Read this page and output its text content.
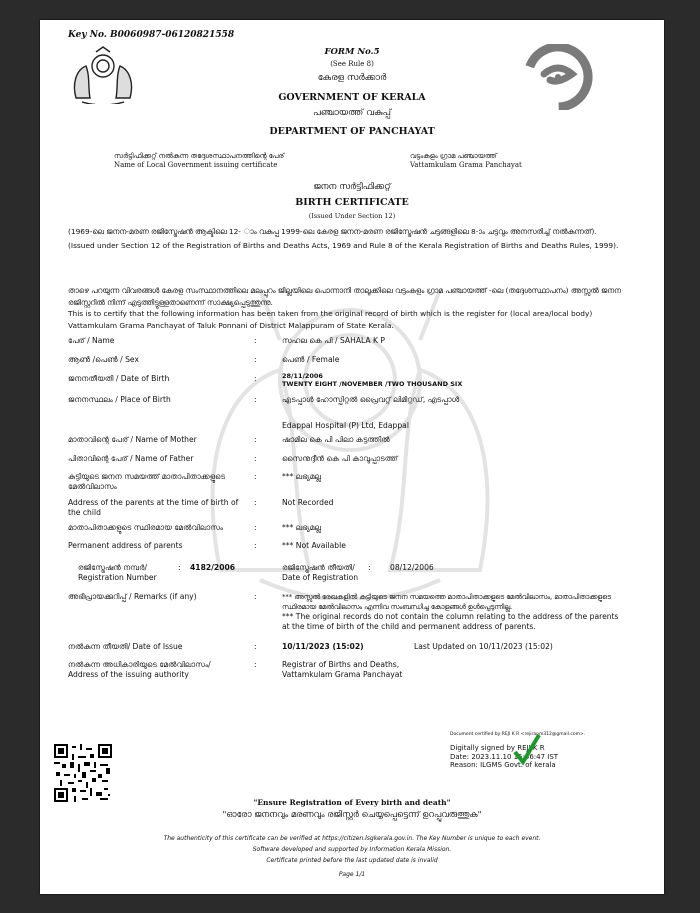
Key No. B0060987-06120821558
FORM No.5
(See Rule 8)
കേരള സർക്കാർ
GOVERNMENT OF KERALA
പഞ്ചായത്ത് വകുപ്പ്
DEPARTMENT OF PANCHAYAT
സർട്ടിഫിക്കറ്റ് നൽകുന്ന തദ്ദേശസ്ഥാപനത്തിന്റെ പേര്
Name of Local Government issuing certificate
വട്ടംകുളം ഗ്രാമ പഞ്ചായത്ത്
Vattamkulam Grama Panchayat
ജനന സർട്ടിഫിക്കറ്റ്
BIRTH CERTIFICATE
(Issued Under Section 12)
(1969-ലെ ജനന-മരണ രജിസ്ട്രേഷൻ ആക്ടിലെ 12- ാം വകുപ്പ 1999-ലെ കേരള ജനന-മരണ രജിസ്ട്രേഷൻ ചട്ടങ്ങളിലെ 8-ാം ചട്ടവും അനസരിച്ച് നൽകുന്നത്).
(Issued under Section 12 of the Registration of Births and Deaths Acts, 1969 and Rule 8 of the Kerala Registration of Births and Deaths Rules, 1999).
താഴെ പറയുന്ന വിവരങ്ങൾ കേരള സംസ്ഥാനത്തിലെ മലപ്പുറം ജില്ലയിലെ പൊന്നാനി താലൂക്കിലെ വട്ടംകുളം ഗ്രാമ പഞ്ചായത്ത്‌ -ലെ (തദ്ദേശസ്ഥാപനം) അസ്സൽ ജനന രജിസ്റ്ററിൽ നിന്ന് എടുത്തിട്ടുള്ളതാണെന്ന് സാക്ഷ്യപ്പെടുത്തുന്നു.
This is to certify that the following information has been taken from the original record of birth which is the register for (local area/local body) Vattamkulam Grama Panchayat of Taluk Ponnani of District Malappuram of State Kerala.
പേര് / Name	:	സഹല കെ പി / SAHALA K P
ആൺ /പെൺ / Sex	:	പെൺ / Female
ജനനതീയതി / Date of Birth	:	28/11/2006
TWENTY EIGHT /NOVEMBER /TWO THOUSAND SIX
ജനനസ്ഥലം / Place of Birth	:	എടപ്പാൾ ഹോസ്പിറ്റൽ പ്രൈവറ്റ് ലിമിറ്റഡ്, എടപ്പാൾ
Edappal Hospital (P) Ltd, Edappal
മാതാവിന്റെ പേര് / Name of Mother	:	ഷാമില കെ പി പിലാ കട്ടത്തിൽ
പിതാവിന്റെ പേര് / Name of Father	:	സൈനുദ്ദീൻ കെ പി കാവുപ്പാടത്ത്
കുട്ടിയുടെ ജനന സമയത്ത് മാതാപിതാക്കളുടെ മേൽവിലാസം
:	*** ലഭ്യമല്ല
Address of the parents at the time of birth of the child
:	Not Recorded
മാതാപിതാക്കളുടെ സ്ഥിരമായ മേൽവിലാസം	:	*** ലഭ്യമല്ല
Permanent address of parents	:	*** Not Available
രജിസ്ട്രേഷൻ നമ്പർ/
Registration Number
: 4182/2006	രജിസ്ട്രേഷൻ തീയതി/
Date of Registration
:	08/12/2006
അഭിപ്രായക്കുറിപ്പ് / Remarks (if any)	:	*** അസ്സൽ രേഖകളിൽ കുട്ടിയുടെ ജനന സമയത്തെ മാതാപിതാക്കളുടെ മേൽവിലാസം, മാതാപിതാക്കളുടെ സ്ഥിരമായ മേൽവിലാസം എന്നിവ സംബന്ധിച്ച കോളങ്ങൾ ഉൾപ്പെടുന്നില്ല.
*** The original records do not contain the column relating to the address of the parents at the time of birth of the child and permanent address of parents.
നൽകുന്ന തീയതി/ Date of Issue	:	10/11/2023 (15:02)	Last Updated on 10/11/2023 (15:02)
നൽകുന്ന അധികാരിയുടെ മേൽവിലാസം/
Address of the issuing authority
:	Registrar of Births and Deaths,
Vattamkulam Grama Panchayat
Document certified by REJI K R <rejirapm312@gmail.com>.
Digitally signed by REJI K R
Date: 2023.11.10 15:56:47 IST
Reason: ILGMS Govt. of kerala
"Ensure Registration of Every birth and death"
"ഓരോ ജനനവും മരണവും രജിസ്റ്റർ ചെയ്യപ്പെട്ടെന്ന് ഉറപ്പുവരുത്തുക"
The authenticity of this certificate can be verified at https://citizen.lsgkerala.gov.in. The Key Number is unique to each event.
Software developed and supported by Information Kerala Mission.
Certificate printed before the last updated date is invalid
Page 1/1
